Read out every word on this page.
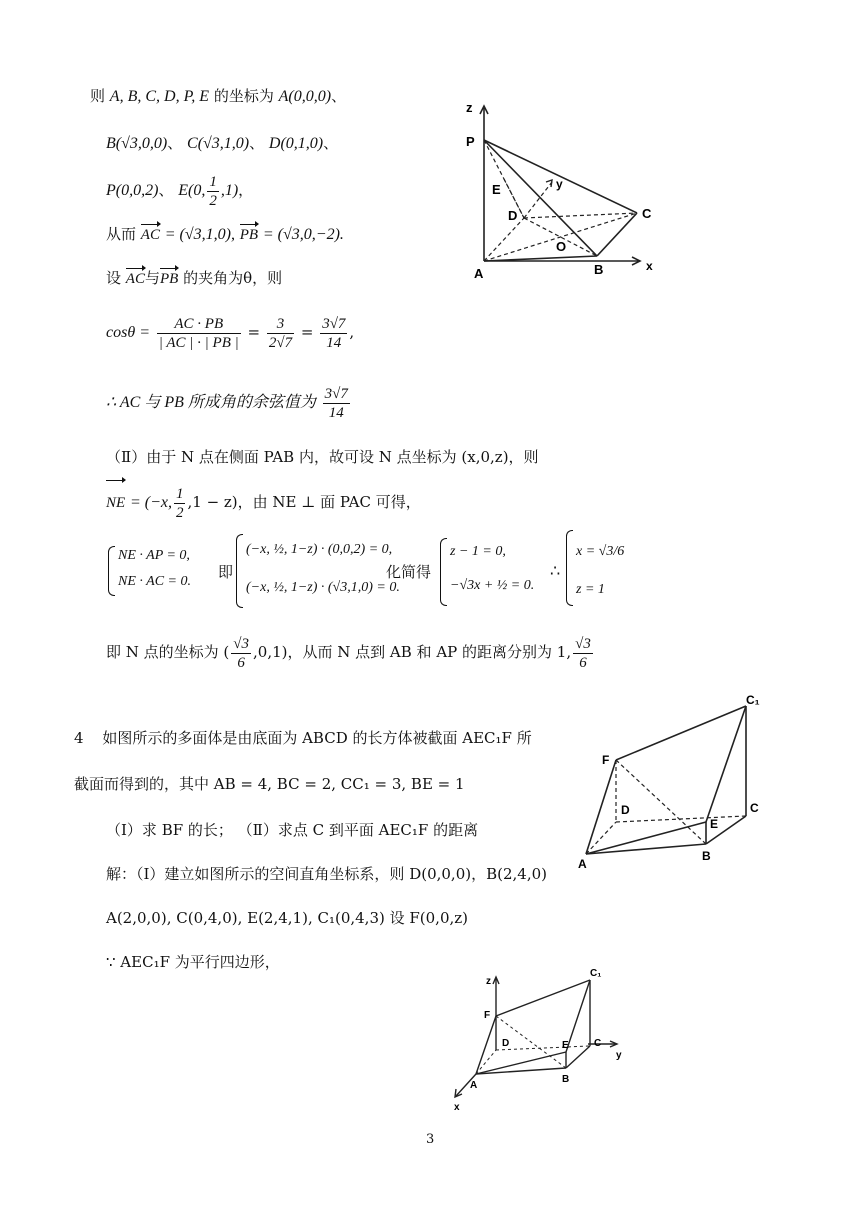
则 A, B, C, D, P, E 的坐标为 A(0,0,0)、
B(√3,0,0)、 C(√3,1,0)、 D(0,1,0)、
P(0,0,2)、 E(0, $\frac{1}{2} ,1$)，
从而 AC = (√3,1,0), PB = (√3,0,−2).
设 AC与PB 的夹角为θ，则
$\cos\theta = \frac{AC \cdot PB}{| AC | \cdot | PB |} = \frac{3}{2√7} = \frac{3√7}{14}$ ,
∴ AC 与 PB 所成角的余弦值为 $\frac{3√7}{14}$
z
P
E	y
D	C
O
A	B	x
（Ⅱ）由于 N 点在侧面 PAB 内，故可设 N 点坐标为 (x,0,z)，则
NE = (−x, $\frac{1}{2} ,1 - z$)，由 NE ⊥ 面 PAC 可得，
NE · AP = 0,
NE · AC = 0.
即
(−x, ½, 1−z) · (0,0,2) = 0,
(−x, ½, 1−z) · (√3,1,0) = 0.
化简得
z − 1 = 0,
−√3x + ½ = 0.
∴
x = √3/6
z = 1
即 N 点的坐标为 ( $\frac{√3}{6} ,0,1$)，从而 N 点到 AB 和 AP 的距离分别为 1, $\frac{√3}{6}$
4 如图所示的多面体是由底面为 ABCD 的长方体被截面 AEC₁F 所
截面而得到的，其中 AB = 4, BC = 2, CC₁ = 3, BE = 1
（Ⅰ）求 BF 的长； （Ⅱ）求点 C 到平面 AEC₁F 的距离
解：（Ⅰ）建立如图所示的空间直角坐标系，则 D(0,0,0)，B(2,4,0)
A(2,0,0), C(0,4,0), E(2,4,1), C₁(0,4,3) 设 F(0,0,z)
∵ AEC₁F 为平行四边形，
C₁
F
D	C
E
A
B
z
C₁
F
D	E	C
y
A
B
x
3
